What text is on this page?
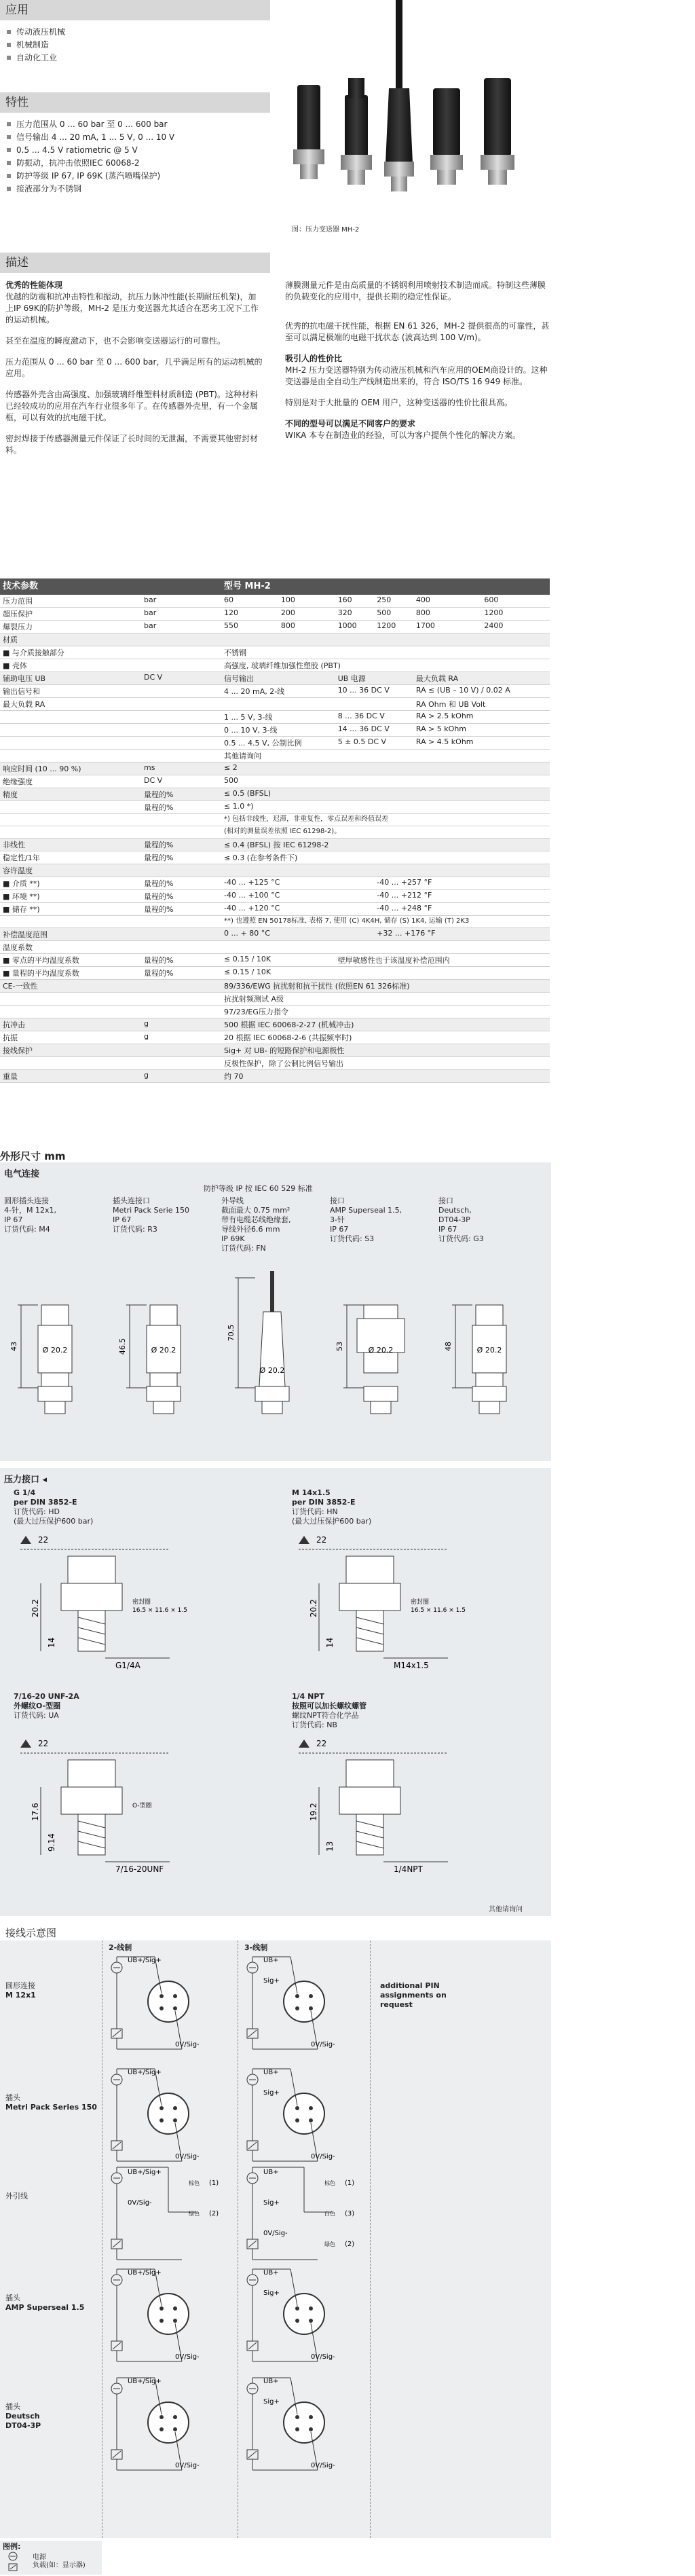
应用
传动液压机械
机械制造
自动化工业
特性
压力范围从 0 ... 60 bar 至 0 ... 600 bar
信号输出 4 ... 20 mA, 1 ... 5 V, 0 ... 10 V
0.5 ... 4.5 V ratiometric @ 5 V
防振动，抗冲击依照IEC 60068-2
防护等级 IP 67, IP 69K (蒸汽喷嘴保护)
接液部分为不锈钢
图：压力变送器 MH-2
描述

优秀的性能体现
优越的防震和抗冲击特性和振动，抗压力脉冲性能(长期耐压机架)，加上IP 69K的防护等级，MH-2 是压力变送器尤其适合在恶劣工况下工作的运动机械。

甚至在温度的瞬度激动下，也不会影响变送器运行的可靠性。

压力范围从 0 ... 60 bar 至 0 ... 600 bar，几乎满足所有的运动机械的应用。

传感器外壳含由高强度、加强玻璃纤维塑料材质制造 (PBT)。这种材料已经较成功的应用在汽车行业很多年了。在传感器外壳里，有一个金属框，可以有效的抗电磁干扰。

密封焊接于传感器测量元件保证了长时间的无泄漏，不需要其他密封材料。

薄膜测量元件是由高质量的不锈钢利用喷射技术制造而成。特制这些薄膜的负载变化的应用中，提供长期的稳定性保证。

优秀的抗电磁干扰性能，根据 EN 61 326，MH-2 提供很高的可靠性，甚至可以满足极端的电磁干扰状态 (波高达到 100 V/m)。

吸引人的性价比
MH-2 压力变送器特别为传动液压机械和汽车应用的OEM商设计的。这种变送器是由全自动生产线制造出来的，符合 ISO/TS 16 949 标准。

特别是对于大批量的 OEM 用户，这种变送器的性价比很具高。

不同的型号可以满足不同客户的要求
WIKA 本专在制造业的经验，可以为客户提供个性化的解决方案。

技术参数		型号 MH-2					
压力范围	bar	60	100	160	250	400	600
超压保护	bar	120	200	320	500	800	1200
爆裂压力	bar	550	800	1000	1200	1700	2400
材质							
■ 与介质接触部分		不锈钢					
■ 壳体		高强度, 玻璃纤维加强性塑胶 (PBT)					
辅助电压 UB	DC V	信号输出		UB 电源		最大负载 RA	
输出信号和		4 ... 20 mA, 2-线		10 ... 36 DC V		RA ≤ (UB – 10 V) / 0.02 A	
最大负载 RA						RA Ohm 和 UB Volt	
		1 ... 5 V, 3-线		8 ... 36 DC V		RA > 2.5 kOhm	
		0 ... 10 V, 3-线		14 ... 36 DC V		RA > 5 kOhm	
		0.5 ... 4.5 V, 公制比例		5 ± 0.5 DC V		RA > 4.5 kOhm	
		其他请询问					
响应时间 (10 ... 90 %)	ms	≤ 2					
绝缘强度	DC V	500					
精度	量程的%	≤ 0.5 (BFSL)					
	量程的%	≤ 1.0 *)					
		*) 包括非线性，迟滞，非重复性，零点误差和终值误差					
		(相对的测量误差依照 IEC 61298-2)。					
非线性	量程的%	≤ 0.4 (BFSL) 按 IEC 61298-2					
稳定性/1年	量程的%	≤ 0.3 (在参考条件下)					
容许温度							
■ 介质 **)	量程的%	-40 ... +125 °C			-40 ... +257 °F		
■ 环境 **)	量程的%	-40 ... +100 °C			-40 ... +212 °F		
■ 储存 **)	量程的%	-40 ... +120 °C			-40 ... +248 °F		
		**) 也遵照 EN 50178标准, 表格 7, 使用 (C) 4K4H, 储存 (S) 1K4, 运输 (T) 2K3					
补偿温度范围		0 ... + 80 °C			+32 ... +176 °F		
温度系数							
■ 零点的平均温度系数	量程的%	≤ 0.15 / 10K		壁厚敏感性也于该温度补偿范围内			
■ 量程的平均温度系数	量程的%	≤ 0.15 / 10K					
CE-一致性		89/336/EWG 抗扰射和抗干扰性 (依照EN 61 326标准)					
		抗扰射频测试 A级					
		97/23/EG压力指令					
抗冲击	g	500 根据 IEC 60068-2-27 (机械冲击)					
抗振	g	20 根据 IEC 60068-2-6 (共振频率时)					
接线保护		Sig+ 对 UB- 的短路保护和电源极性					
		反极性保护，除了公制比例信号输出					
重量	g	约 70					
外形尺寸 mm
电气连接
防护等级 IP 按 IEC 60 529 标准
圆形插头连接
4-针，M 12x1,
IP 67
订货代码: M4
43	Ø 20.2
插头连接口
Metri Pack Serie 150
IP 67
订货代码: R3
46.5	Ø 20.2
外导线
截面最大 0.75 mm²
带有电缆芯线绝缘套,
导线外径6.6 mm
IP 69K
订货代码: FN
70.5
Ø 20.2
接口
AMP Superseal 1.5,
3-针
IP 67
订货代码: S3
53	Ø 20.2
接口
Deutsch,
DT04-3P
IP 67
订货代码: G3
48	Ø 20.2
压力接口 ◂
G 1/4
per DIN 3852-E
订货代码: HD
(最大过压保护600 bar)
22
20.2
14
G1/4A
密封圈
16.5 × 11.6 × 1.5
M 14x1.5
per DIN 3852-E
订货代码: HN
(最大过压保护600 bar)
22
20.2
14
M14x1.5
密封圈
16.5 × 11.6 × 1.5
7/16-20 UNF-2A
外螺纹O-型圈
订货代码: UA
22
17.6
9.14
7/16-20UNF
O-型圈
1/4 NPT
按照可以加长螺纹螺管
螺纹NPT符合化学品
订货代码: NB
22
19.2
13
1/4NPT
其他请询问
接线示意图
2-线制	3-线制
additional PIN assignments on request
圆形连接
M 12x1
UB+/Sig+
0V/Sig-
UB+
Sig+
0V/Sig-
插头
Metri Pack Series 150
UB+/Sig+
0V/Sig-
UB+
Sig+
0V/Sig-
外引线
UB+/Sig+
棕色 (1)
0V/Sig-
绿色 (2)
UB+
棕色 (1)
Sig+
白色 (3)
0V/Sig-
绿色 (2)
插头
AMP Superseal 1.5
UB+/Sig+
0V/Sig-
UB+
Sig+
0V/Sig-
插头
Deutsch
DT04-3P
UB+/Sig+
0V/Sig-
UB+
Sig+
0V/Sig-
图例:
电源
负载(如：显示器)
